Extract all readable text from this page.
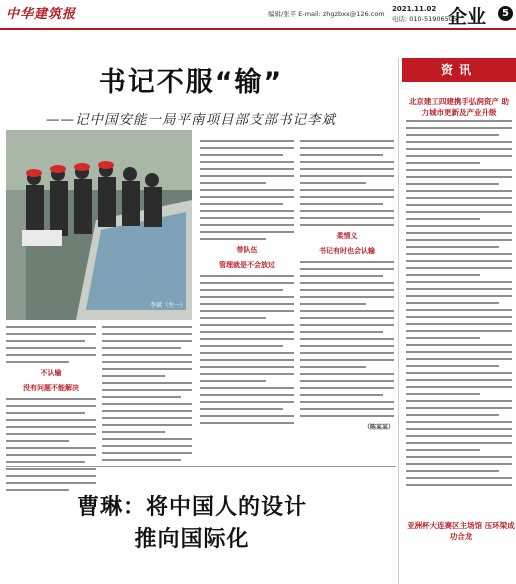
中华建筑报	编辑/张平 E-mail: zhgzbxx@126.com
2021.11.02
电话: 010-51906505
企业	5
书记不服“输”
——记中国安能一局平南项目部支部书记李斌
李斌（左一）
不认输
没有问题不能解决
带队伍
管理就是不会放过
柔情义
书记有时也会认输
（陈某某）
资讯
北京建工四建携手弘润资产 助力城市更新及产业升级
亚洲杯大连赛区主场馆 压环梁成功合龙
曹琳：将中国人的设计
推向国际化
